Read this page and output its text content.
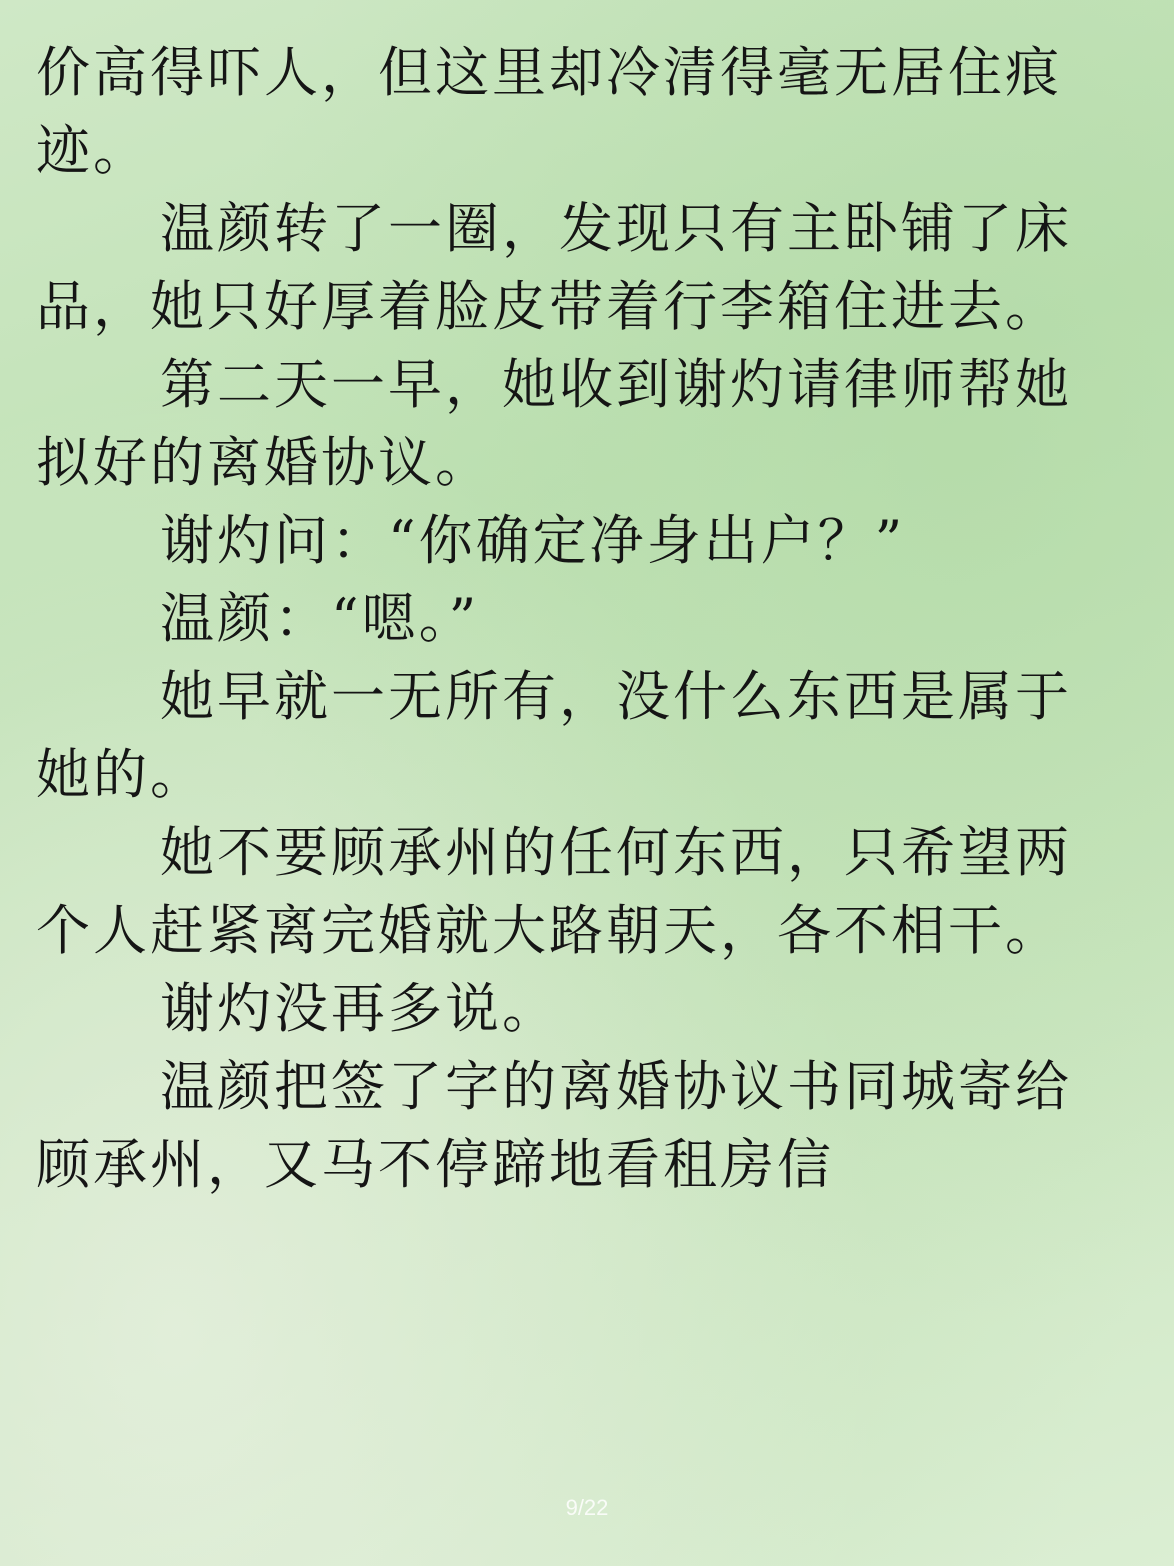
价高得吓人，但这里却冷清得毫无居住痕迹。

温颜转了一圈，发现只有主卧铺了床品，她只好厚着脸皮带着行李箱住进去。

第二天一早，她收到谢灼请律师帮她拟好的离婚协议。

谢灼问：“你确定净身出户？”

温颜：“嗯。”

她早就一无所有，没什么东西是属于她的。

她不要顾承州的任何东西，只希望两个人赶紧离完婚就大路朝天，各不相干。

谢灼没再多说。

温颜把签了字的离婚协议书同城寄给顾承州，又马不停蹄地看租房信

9/22
